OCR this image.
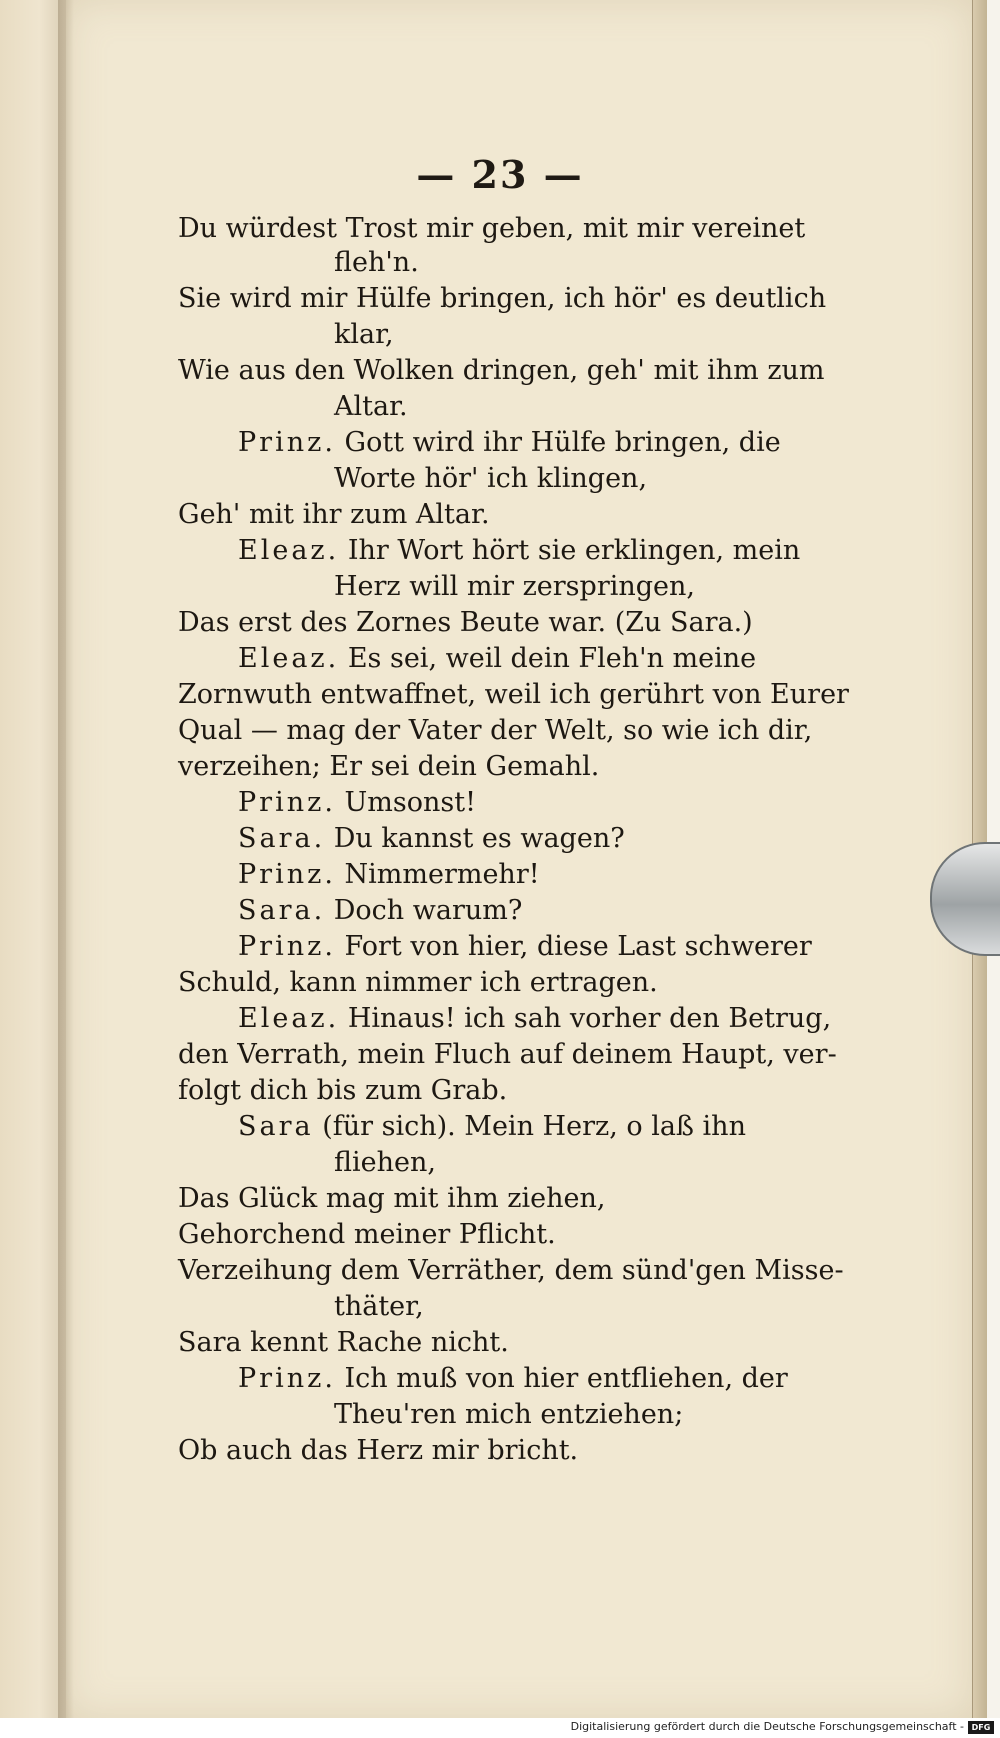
— 23 —
Du würdest Trost mir geben, mit mir vereinet
fleh'n.
Sie wird mir Hülfe bringen, ich hör' es deutlich
klar,
Wie aus den Wolken dringen, geh' mit ihm zum
Altar.
Prinz. Gott wird ihr Hülfe bringen, die
Worte hör' ich klingen,
Geh' mit ihr zum Altar.
Eleaz. Ihr Wort hört sie erklingen, mein
Herz will mir zerspringen,
Das erst des Zornes Beute war. (Zu Sara.)
Eleaz. Es sei, weil dein Fleh'n meine
Zornwuth entwaffnet, weil ich gerührt von Eurer
Qual — mag der Vater der Welt, so wie ich dir,
verzeihen; Er sei dein Gemahl.
Prinz. Umsonst!
Sara. Du kannst es wagen?
Prinz. Nimmermehr!
Sara. Doch warum?
Prinz. Fort von hier, diese Last schwerer
Schuld, kann nimmer ich ertragen.
Eleaz. Hinaus! ich sah vorher den Betrug,
den Verrath, mein Fluch auf deinem Haupt, ver-
folgt dich bis zum Grab.
Sara (für sich). Mein Herz, o laß ihn
fliehen,
Das Glück mag mit ihm ziehen,
Gehorchend meiner Pflicht.
Verzeihung dem Verräther, dem sünd'gen Misse-
thäter,
Sara kennt Rache nicht.
Prinz. Ich muß von hier entfliehen, der
Theu'ren mich entziehen;
Ob auch das Herz mir bricht.
Digitalisierung gefördert durch die Deutsche Forschungsgemeinschaft - DFG
